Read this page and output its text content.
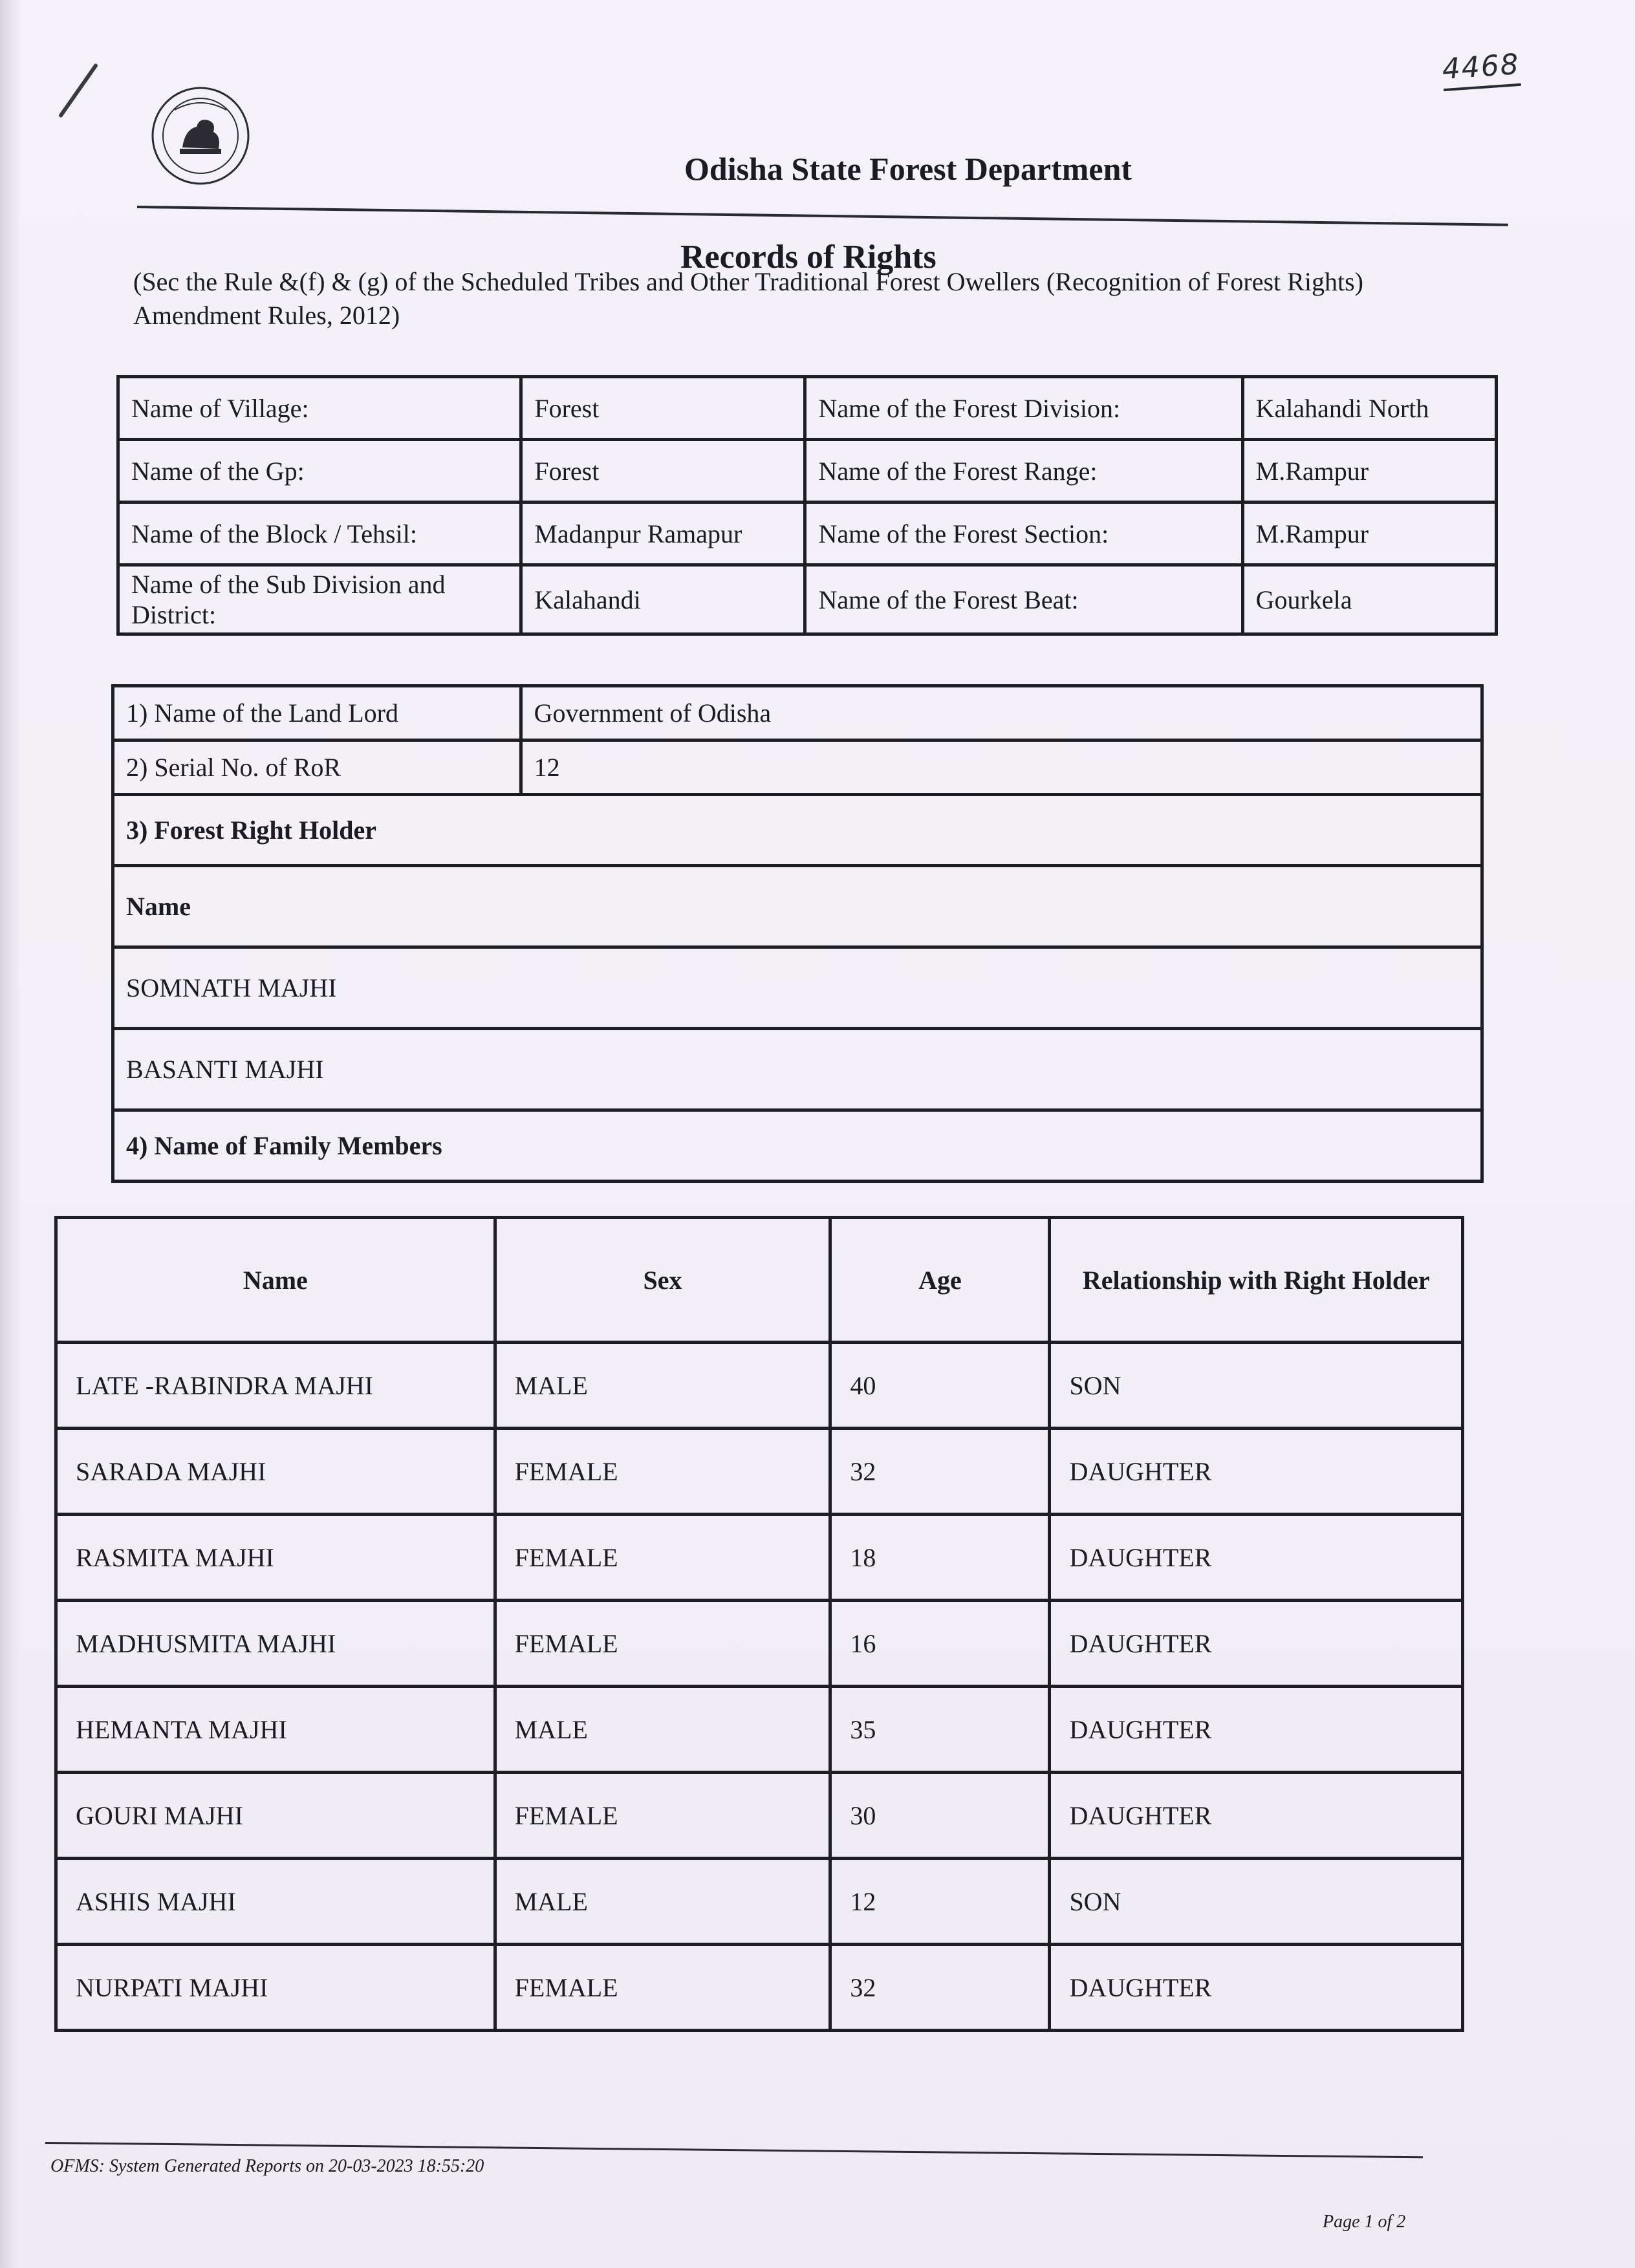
4468
Odisha State Forest Department
Records of Rights
(Sec the Rule &(f) & (g) of the Scheduled Tribes and Other Traditional Forest Owellers (Recognition of Forest Rights) Amendment Rules, 2012)
Name of Village:	Forest	Name of the Forest Division:	Kalahandi North
Name of the Gp:	Forest	Name of the Forest Range:	M.Rampur
Name of the Block / Tehsil:	Madanpur Ramapur	Name of the Forest Section:	M.Rampur
Name of the Sub Division and District:	Kalahandi	Name of the Forest Beat:	Gourkela
1) Name of the Land Lord	Government of Odisha
2) Serial No. of RoR	12
3) Forest Right Holder	
Name	
SOMNATH MAJHI	
BASANTI MAJHI	
4) Name of Family Members	
Name	Sex	Age	Relationship with Right Holder
LATE -RABINDRA MAJHI	MALE	40	SON
SARADA MAJHI	FEMALE	32	DAUGHTER
RASMITA MAJHI	FEMALE	18	DAUGHTER
MADHUSMITA MAJHI	FEMALE	16	DAUGHTER
HEMANTA MAJHI	MALE	35	DAUGHTER
GOURI MAJHI	FEMALE	30	DAUGHTER
ASHIS MAJHI	MALE	12	SON
NURPATI MAJHI	FEMALE	32	DAUGHTER
OFMS: System Generated Reports on 20-03-2023 18:55:20
Page 1 of 2
